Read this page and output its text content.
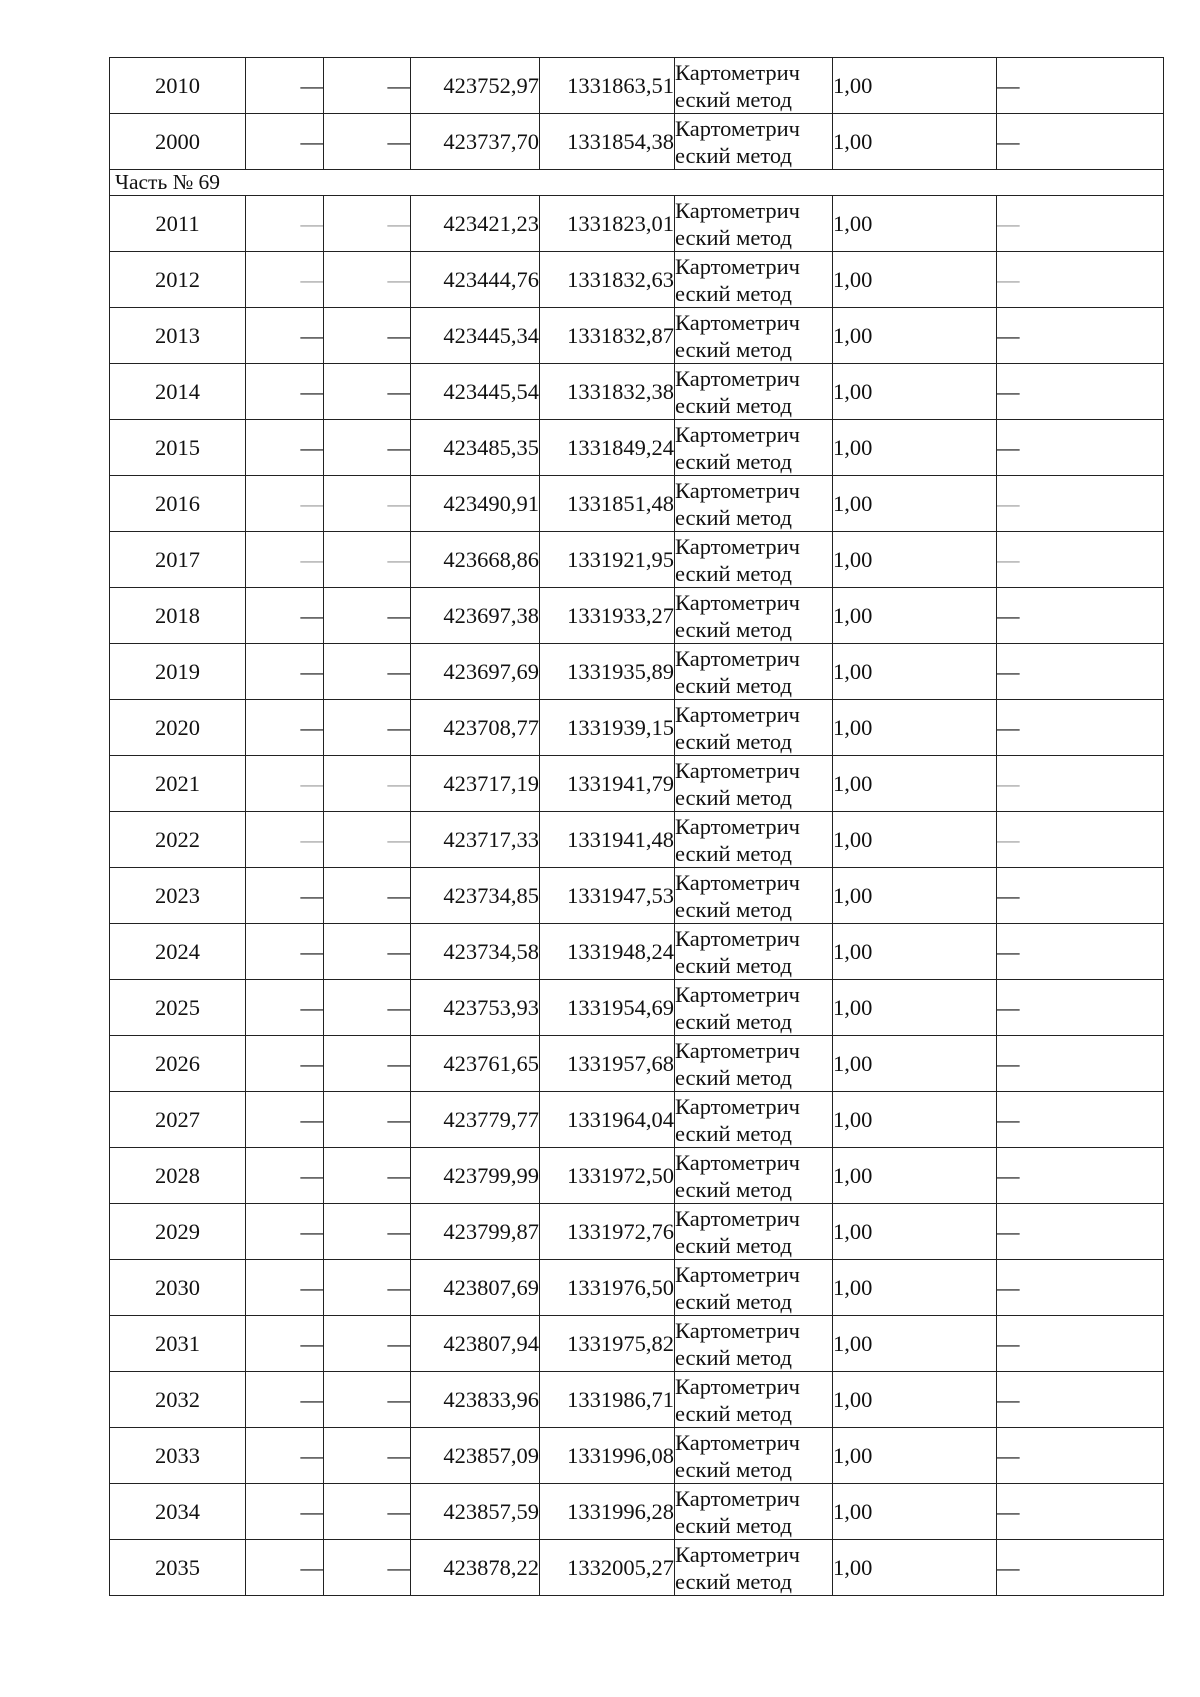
2010	—	—	423752,97	1331863,51	Картометрич
еский метод	1,00	—
2000	—	—	423737,70	1331854,38	Картометрич
еский метод	1,00	—
Часть № 69							
2011	—	—	423421,23	1331823,01	Картометрич
еский метод	1,00	—
2012	—	—	423444,76	1331832,63	Картометрич
еский метод	1,00	—
2013	—	—	423445,34	1331832,87	Картометрич
еский метод	1,00	—
2014	—	—	423445,54	1331832,38	Картометрич
еский метод	1,00	—
2015	—	—	423485,35	1331849,24	Картометрич
еский метод	1,00	—
2016	—	—	423490,91	1331851,48	Картометрич
еский метод	1,00	—
2017	—	—	423668,86	1331921,95	Картометрич
еский метод	1,00	—
2018	—	—	423697,38	1331933,27	Картометрич
еский метод	1,00	—
2019	—	—	423697,69	1331935,89	Картометрич
еский метод	1,00	—
2020	—	—	423708,77	1331939,15	Картометрич
еский метод	1,00	—
2021	—	—	423717,19	1331941,79	Картометрич
еский метод	1,00	—
2022	—	—	423717,33	1331941,48	Картометрич
еский метод	1,00	—
2023	—	—	423734,85	1331947,53	Картометрич
еский метод	1,00	—
2024	—	—	423734,58	1331948,24	Картометрич
еский метод	1,00	—
2025	—	—	423753,93	1331954,69	Картометрич
еский метод	1,00	—
2026	—	—	423761,65	1331957,68	Картометрич
еский метод	1,00	—
2027	—	—	423779,77	1331964,04	Картометрич
еский метод	1,00	—
2028	—	—	423799,99	1331972,50	Картометрич
еский метод	1,00	—
2029	—	—	423799,87	1331972,76	Картометрич
еский метод	1,00	—
2030	—	—	423807,69	1331976,50	Картометрич
еский метод	1,00	—
2031	—	—	423807,94	1331975,82	Картометрич
еский метод	1,00	—
2032	—	—	423833,96	1331986,71	Картометрич
еский метод	1,00	—
2033	—	—	423857,09	1331996,08	Картометрич
еский метод	1,00	—
2034	—	—	423857,59	1331996,28	Картометрич
еский метод	1,00	—
2035	—	—	423878,22	1332005,27	Картометрич
еский метод	1,00	—
